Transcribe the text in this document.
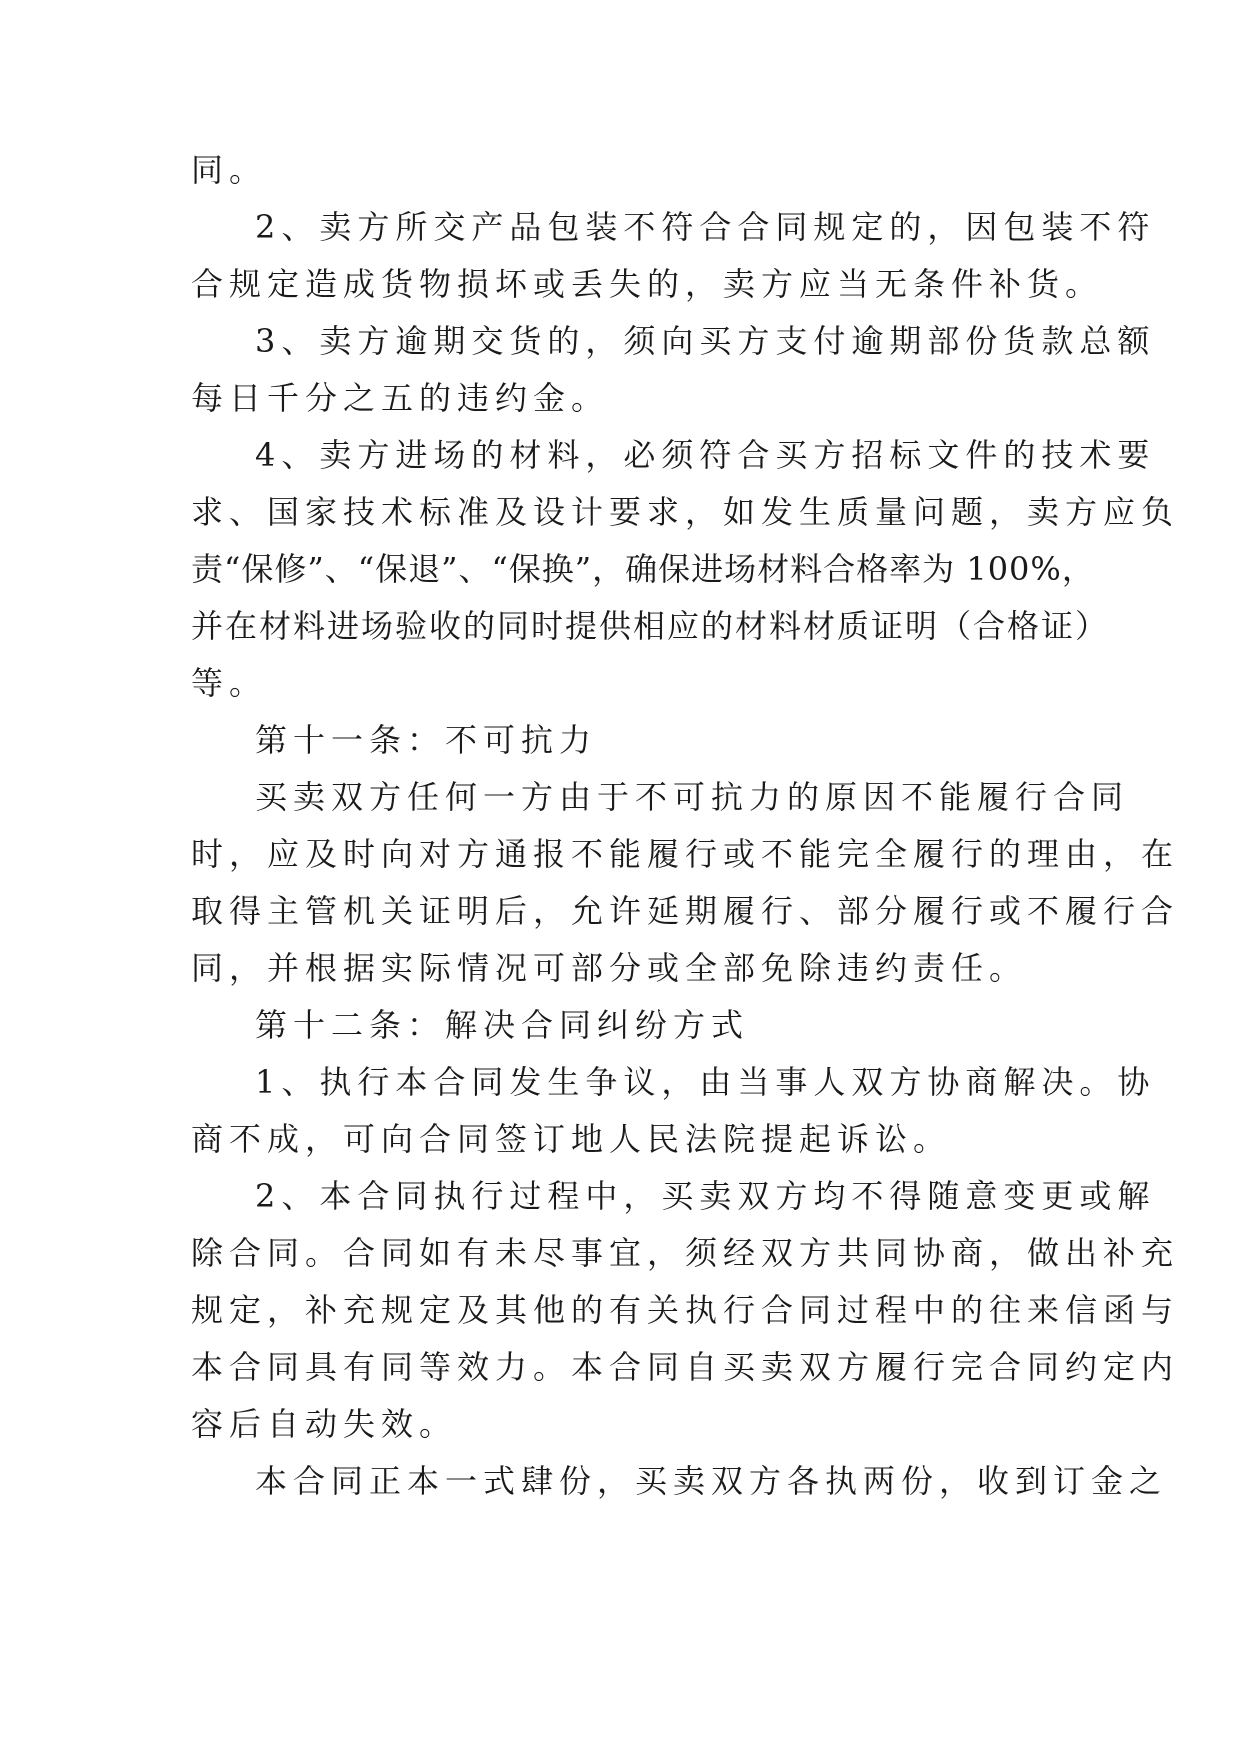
同。
2、卖方所交产品包装不符合合同规定的，因包装不符
合规定造成货物损坏或丢失的，卖方应当无条件补货。
3、卖方逾期交货的，须向买方支付逾期部份货款总额
每日千分之五的违约金。
4、卖方进场的材料，必须符合买方招标文件的技术要
求、国家技术标准及设计要求，如发生质量问题，卖方应负
责“保修”、“保退”、“保换”，确保进场材料合格率为 100%，
并在材料进场验收的同时提供相应的材料材质证明（合格证）
等。
第十一条：不可抗力
买卖双方任何一方由于不可抗力的原因不能履行合同
时，应及时向对方通报不能履行或不能完全履行的理由，在
取得主管机关证明后，允许延期履行、部分履行或不履行合
同，并根据实际情况可部分或全部免除违约责任。
第十二条：解决合同纠纷方式
1、执行本合同发生争议，由当事人双方协商解决。协
商不成，可向合同签订地人民法院提起诉讼。
2、本合同执行过程中，买卖双方均不得随意变更或解
除合同。合同如有未尽事宜，须经双方共同协商，做出补充
规定，补充规定及其他的有关执行合同过程中的往来信函与
本合同具有同等效力。本合同自买卖双方履行完合同约定内
容后自动失效。
本合同正本一式肆份，买卖双方各执两份，收到订金之
